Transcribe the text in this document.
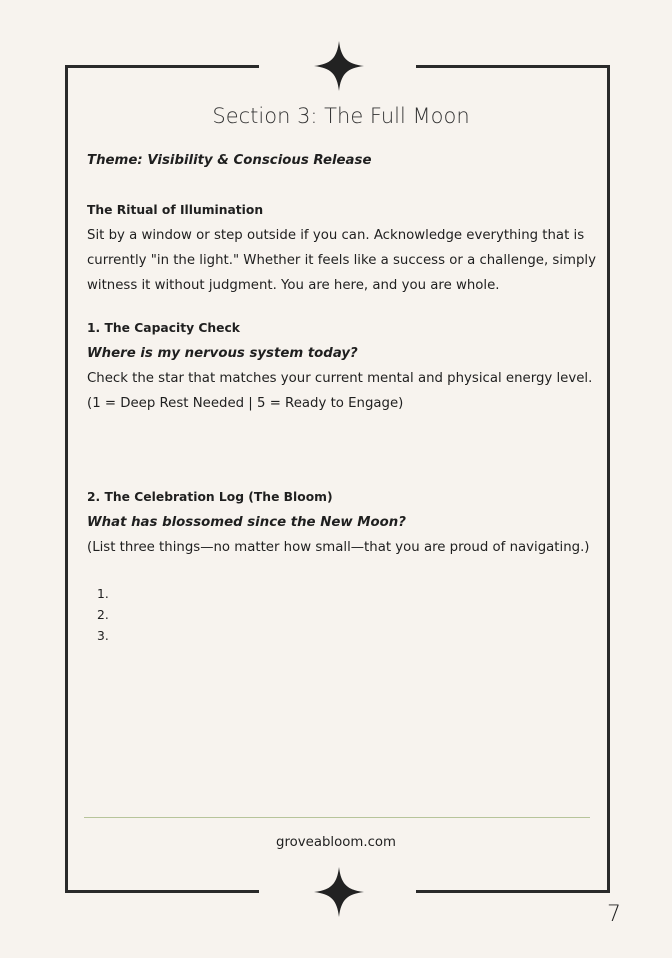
Section 3: The Full Moon
Theme: Visibility & Conscious Release

The Ritual of Illumination

Sit by a window or step outside if you can. Acknowledge everything that is currently "in the light." Whether it feels like a success or a challenge, simply witness it without judgment. You are here, and you are whole.

1. The Capacity Check

Where is my nervous system today?

Check the star that matches your current mental and physical energy level.

(1 = Deep Rest Needed | 5 = Ready to Engage)

2. The Celebration Log (The Bloom)

What has blossomed since the New Moon?

(List three things—no matter how small—that you are proud of navigating.)

1.
2.
3.
groveabloom.com
7
